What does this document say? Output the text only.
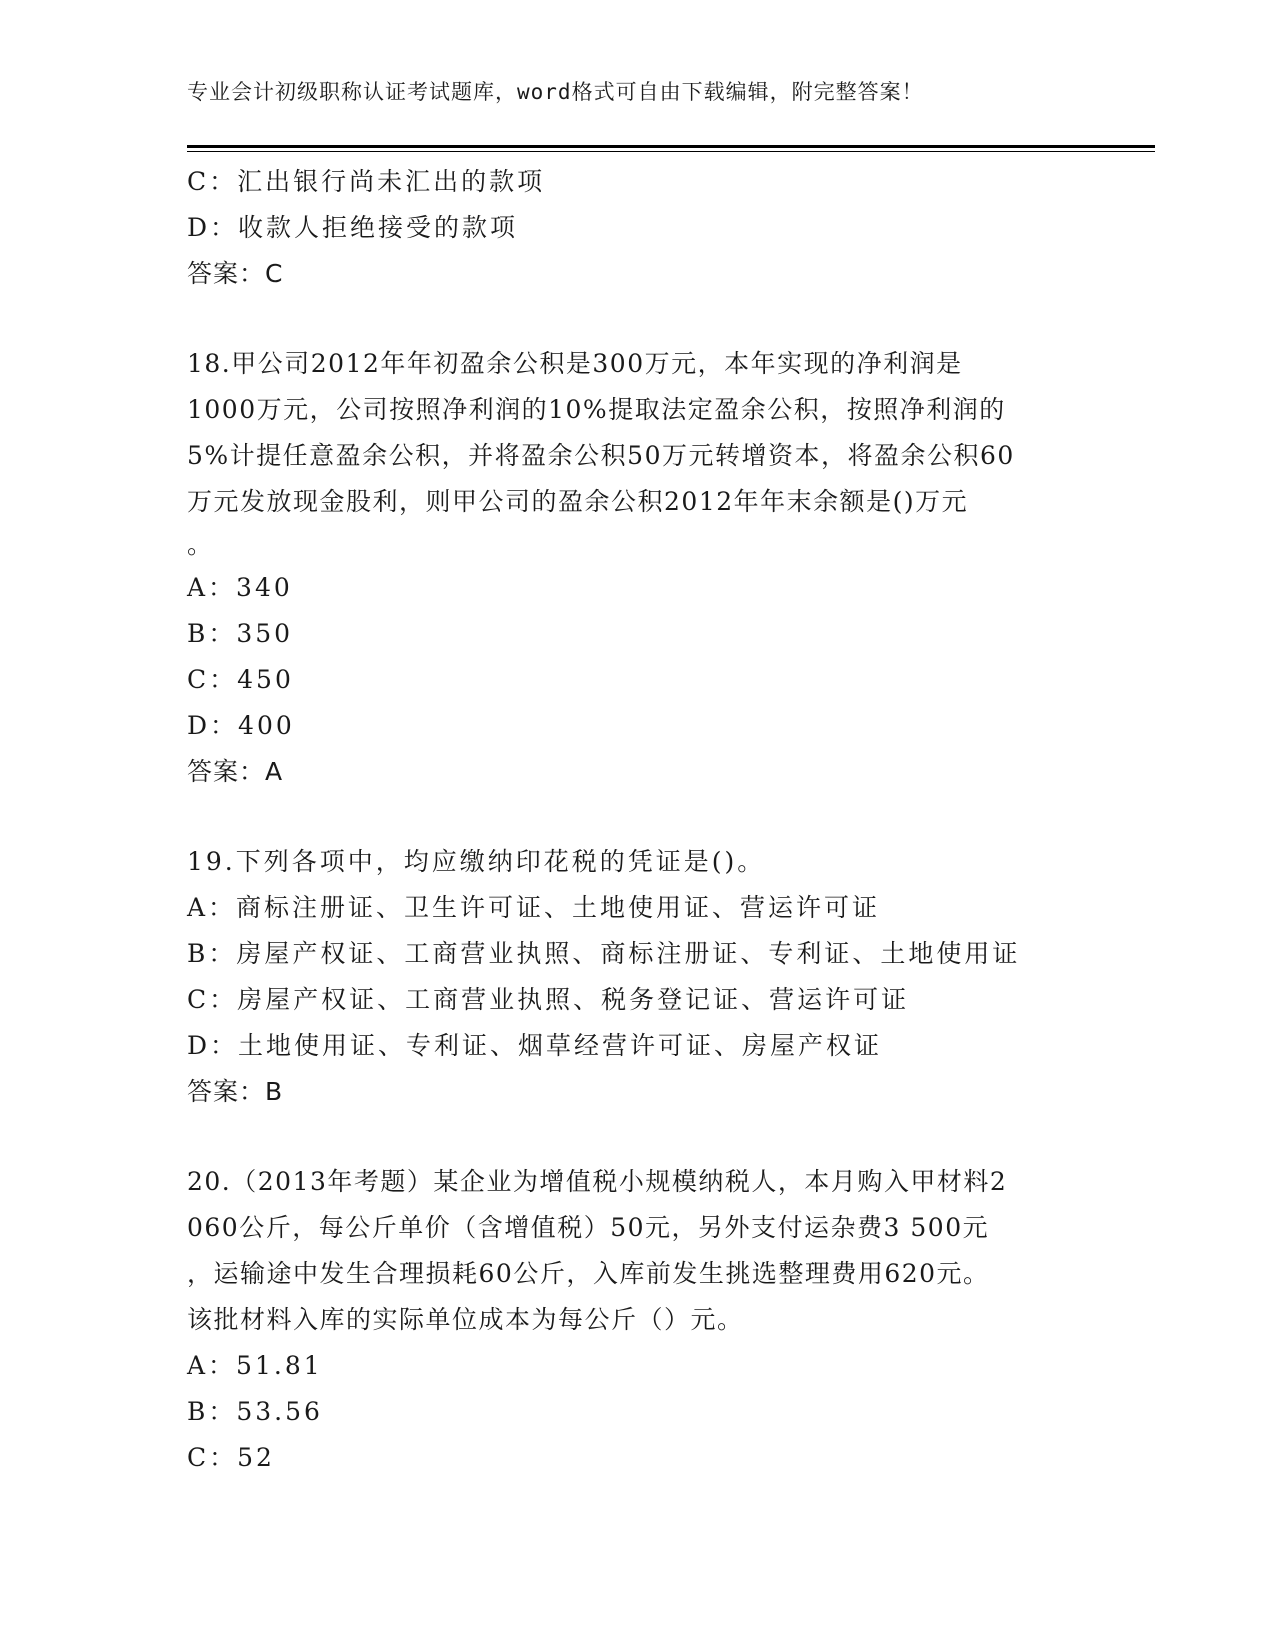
专业会计初级职称认证考试题库，word格式可自由下载编辑，附完整答案！
C：汇出银行尚未汇出的款项
D：收款人拒绝接受的款项
答案：C
18.甲公司2012年年初盈余公积是300万元，本年实现的净利润是
1000万元，公司按照净利润的10%提取法定盈余公积，按照净利润的
5%计提任意盈余公积，并将盈余公积50万元转增资本，将盈余公积60
万元发放现金股利，则甲公司的盈余公积2012年年末余额是()万元
。
A：340
B：350
C：450
D：400
答案：A
19.下列各项中，均应缴纳印花税的凭证是()。
A：商标注册证、卫生许可证、土地使用证、营运许可证
B：房屋产权证、工商营业执照、商标注册证、专利证、土地使用证
C：房屋产权证、工商营业执照、税务登记证、营运许可证
D：土地使用证、专利证、烟草经营许可证、房屋产权证
答案：B
20.（2013年考题）某企业为增值税小规模纳税人，本月购入甲材料2
060公斤，每公斤单价（含增值税）50元，另外支付运杂费3 500元
，运输途中发生合理损耗60公斤，入库前发生挑选整理费用620元。
该批材料入库的实际单位成本为每公斤（）元。
A：51.81
B：53.56
C：52
